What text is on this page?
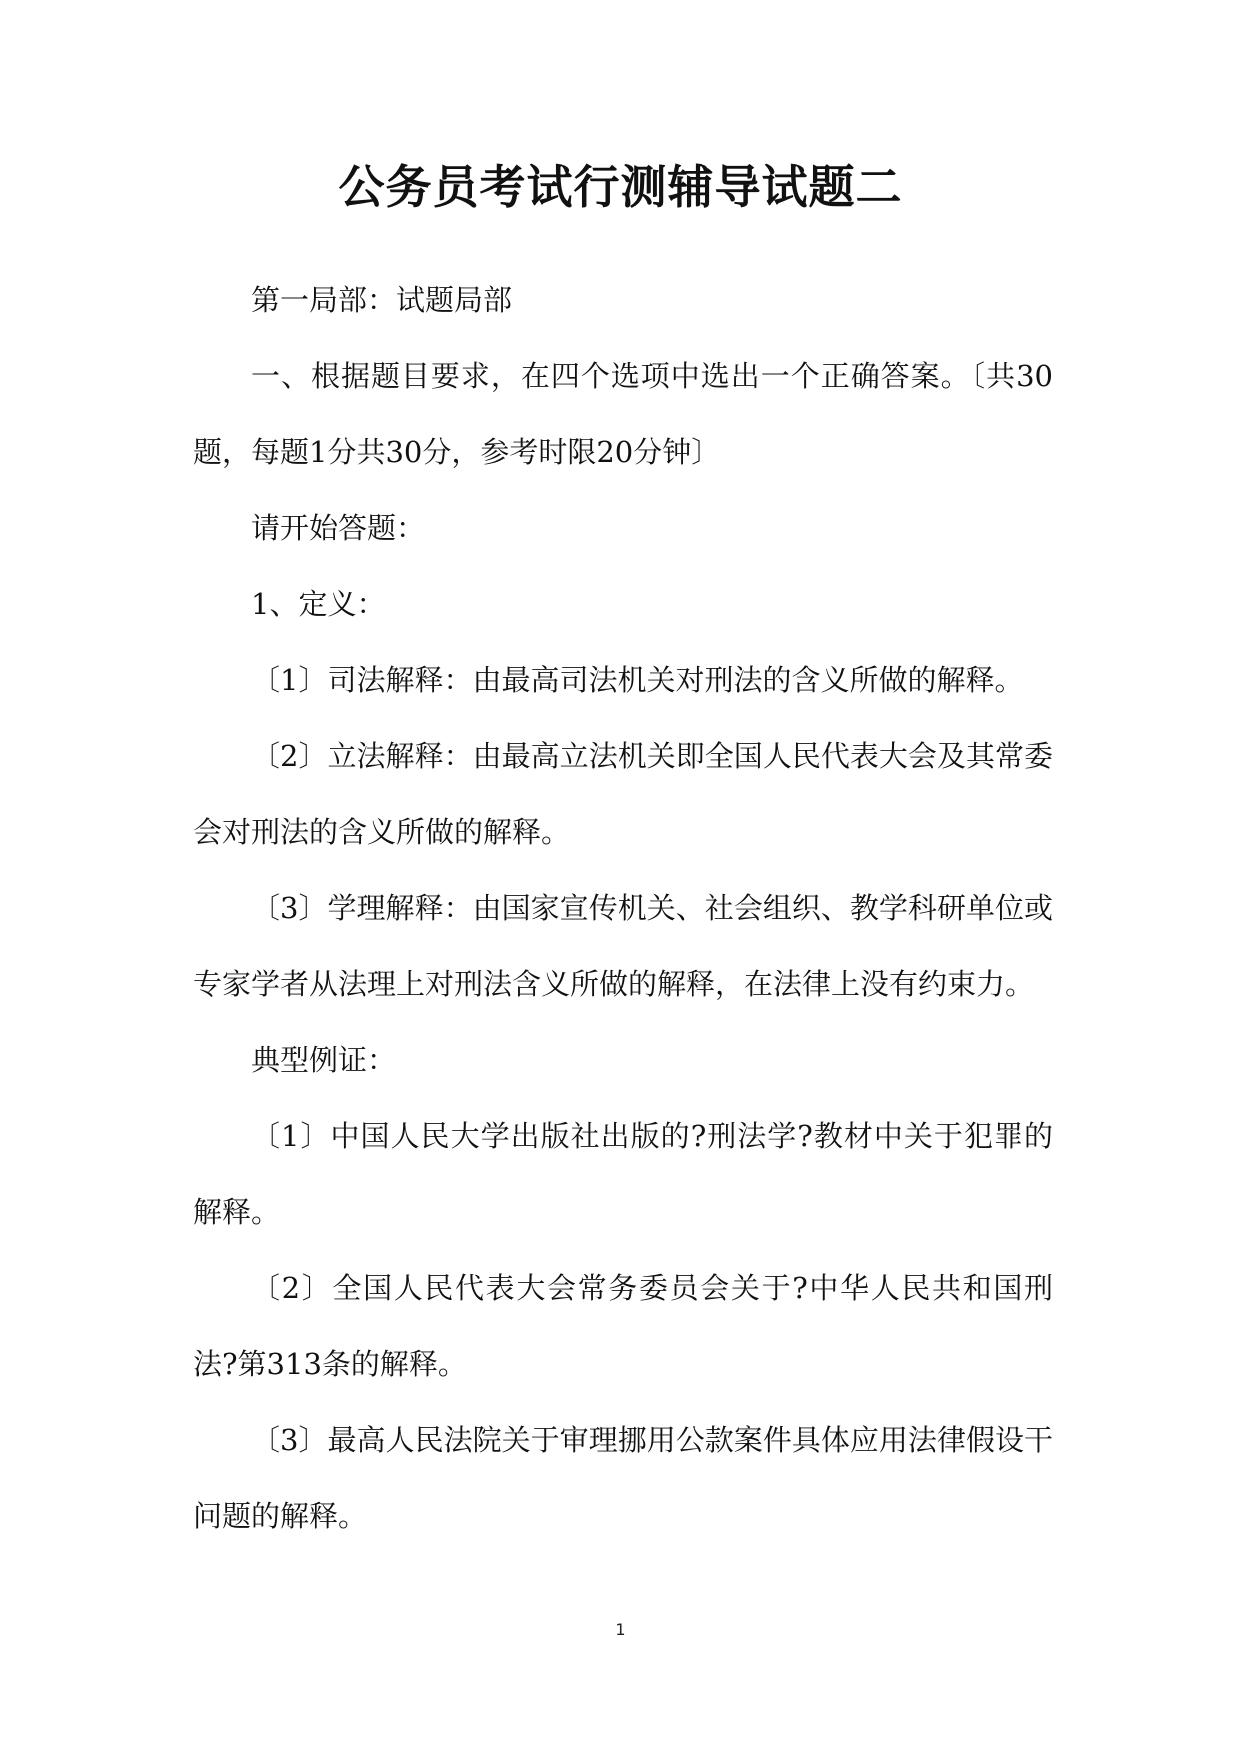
公务员考试行测辅导试题二

第一局部：试题局部

一、根据题目要求，在四个选项中选出一个正确答案。〔共30题，每题1分共30分，参考时限20分钟〕

请开始答题：

1、定义：

〔1〕司法解释：由最高司法机关对刑法的含义所做的解释。

〔2〕立法解释：由最高立法机关即全国人民代表大会及其常委会对刑法的含义所做的解释。

〔3〕学理解释：由国家宣传机关、社会组织、教学科研单位或专家学者从法理上对刑法含义所做的解释，在法律上没有约束力。

典型例证：

〔1〕中国人民大学出版社出版的?刑法学?教材中关于犯罪的解释。

〔2〕全国人民代表大会常务委员会关于?中华人民共和国刑法?第313条的解释。

〔3〕最高人民法院关于审理挪用公款案件具体应用法律假设干问题的解释。

1
